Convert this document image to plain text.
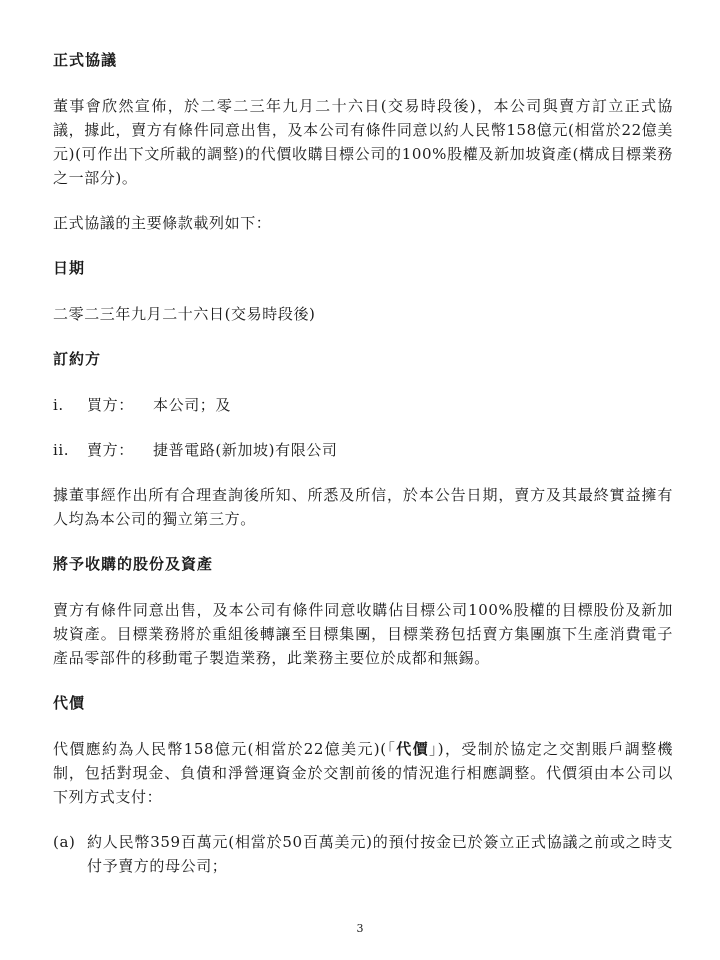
正式協議
董事會欣然宣佈，於二零二三年九月二十六日(交易時段後)，本公司與賣方訂立正式協議，據此，賣方有條件同意出售，及本公司有條件同意以約人民幣158億元(相當於22億美元)(可作出下文所載的調整)的代價收購目標公司的100%股權及新加坡資產(構成目標業務之一部分)。
正式協議的主要條款載列如下：
日期
二零二三年九月二十六日(交易時段後)
訂約方
i.	買方：	本公司；及
ii.	賣方：	捷普電路(新加坡)有限公司
據董事經作出所有合理查詢後所知、所悉及所信，於本公告日期，賣方及其最終實益擁有人均為本公司的獨立第三方。
將予收購的股份及資產
賣方有條件同意出售，及本公司有條件同意收購佔目標公司100%股權的目標股份及新加坡資產。目標業務將於重組後轉讓至目標集團，目標業務包括賣方集團旗下生產消費電子產品零部件的移動電子製造業務，此業務主要位於成都和無錫。
代價
代價應約為人民幣158億元(相當於22億美元)(「代價」)，受制於協定之交割賬戶調整機制，包括對現金、負債和淨營運資金於交割前後的情況進行相應調整。代價須由本公司以下列方式支付：
(a) 約人民幣359百萬元(相當於50百萬美元)的預付按金已於簽立正式協議之前或之時支付予賣方的母公司；
3
